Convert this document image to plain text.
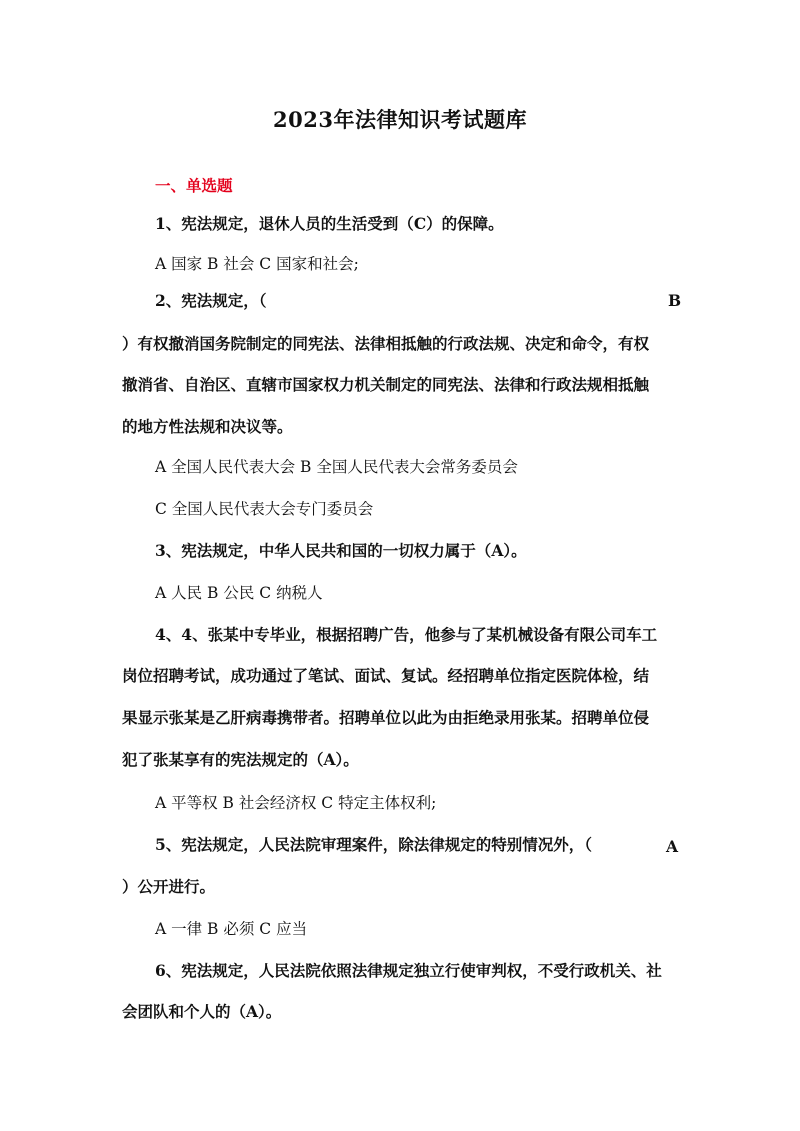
2023年法律知识考试题库
一、单选题
1、宪法规定，退休人员的生活受到（C）的保障。
A 国家 B 社会 C 国家和社会;
2、宪法规定，（	B
）有权撤消国务院制定的同宪法、法律相抵触的行政法规、决定和命令，有权
撤消省、自治区、直辖市国家权力机关制定的同宪法、法律和行政法规相抵触
的地方性法规和决议等。
A 全国人民代表大会 B 全国人民代表大会常务委员会
C 全国人民代表大会专门委员会
3、宪法规定，中华人民共和国的一切权力属于（A）。
A 人民 B 公民 C 纳税人
4、4、张某中专毕业，根据招聘广告，他参与了某机械设备有限公司车工
岗位招聘考试，成功通过了笔试、面试、复试。经招聘单位指定医院体检，结
果显示张某是乙肝病毒携带者。招聘单位以此为由拒绝录用张某。招聘单位侵
犯了张某享有的宪法规定的（A）。
A 平等权 B 社会经济权 C 特定主体权利;
5、宪法规定，人民法院审理案件，除法律规定的特别情况外，（	A
）公开进行。
A 一律 B 必须 C 应当
6、宪法规定，人民法院依照法律规定独立行使审判权，不受行政机关、社
会团队和个人的（A）。
